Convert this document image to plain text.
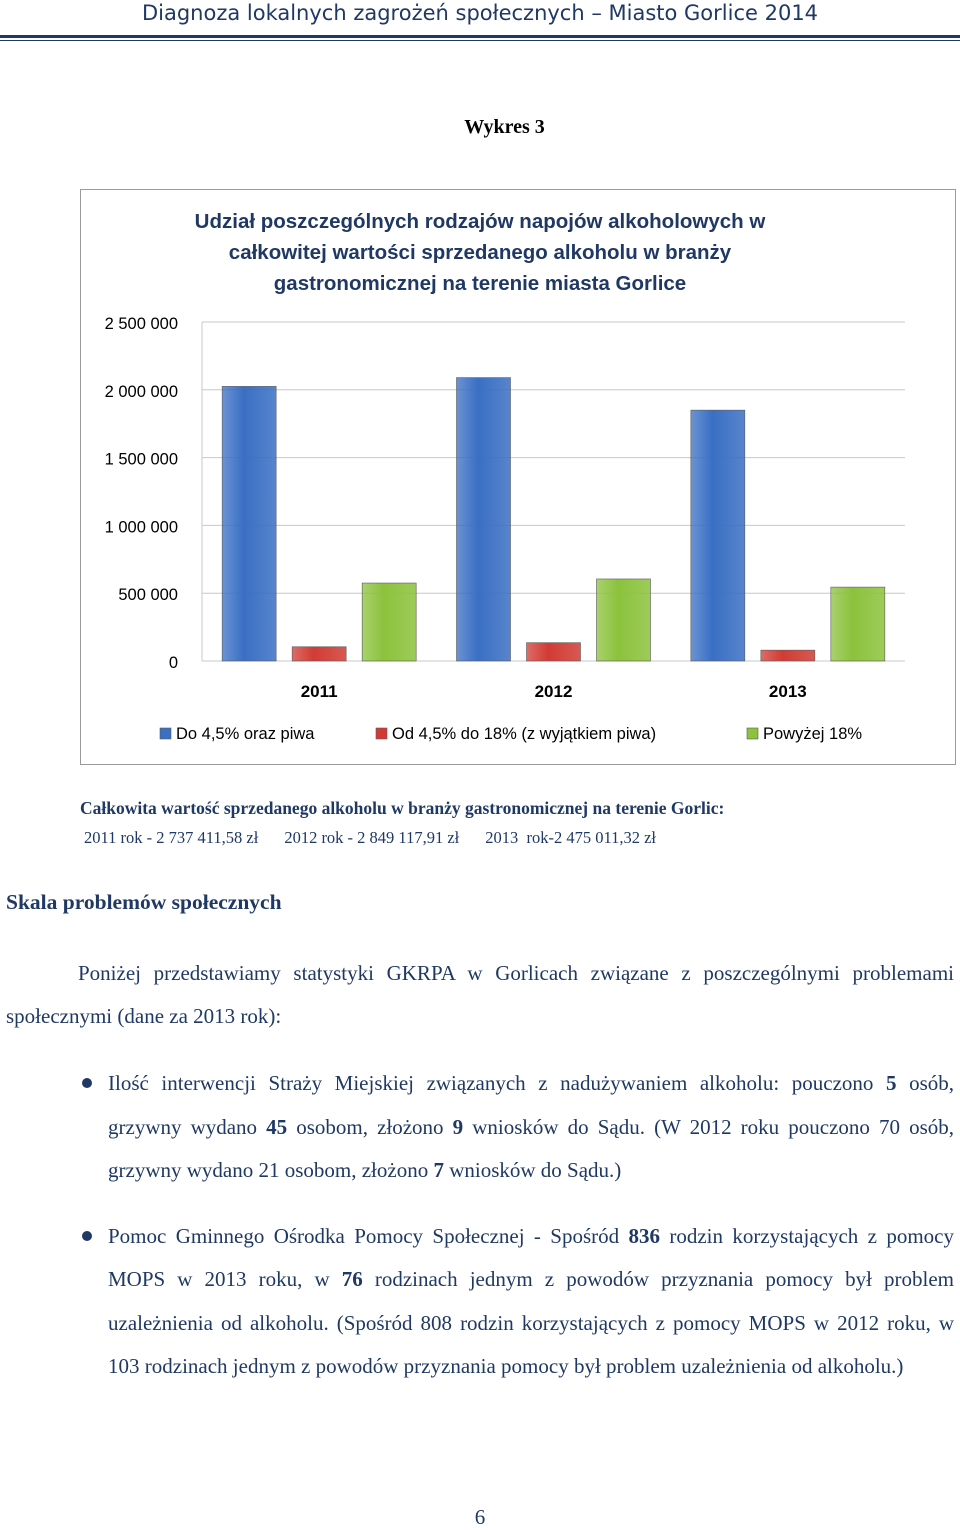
Diagnoza lokalnych zagrożeń społecznych – Miasto Gorlice 2014
Wykres 3
Udział poszczególnych rodzajów napojów alkoholowych w całkowitej wartości sprzedanego alkoholu w branży gastronomicznej na terenie miasta Gorlice
0
500 000
1 000 000
1 500 000
2 000 000
2 500 000
2011	2012	2013
Do 4,5% oraz piwa	Od 4,5% do 18% (z wyjątkiem piwa)	Powyżej 18%
Całkowita wartość sprzedanego alkoholu w branży gastronomicznej na terenie Gorlic:
2011 rok - 2 737 411,58 zł 2012 rok - 2 849 117,91 zł 2013  rok-2 475 011,32 zł
Skala problemów społecznych
Poniżej przedstawiamy statystyki GKRPA w Gorlicach związane z poszczególnymi problemami społecznymi (dane za 2013 rok):
Ilość interwencji Straży Miejskiej związanych z nadużywaniem alkoholu: pouczono 5 osób, grzywny wydano 45 osobom, złożono 9 wniosków do Sądu. (W 2012 roku pouczono 70 osób, grzywny wydano 21 osobom, złożono 7 wniosków do Sądu.)
Pomoc Gminnego Ośrodka Pomocy Społecznej - Spośród 836 rodzin korzystających z pomocy MOPS w 2013 roku, w 76 rodzinach jednym z powodów przyznania pomocy był problem uzależnienia od alkoholu. (Spośród 808 rodzin korzystających z pomocy MOPS w 2012 roku, w 103 rodzinach jednym z powodów przyznania pomocy był problem uzależnienia od alkoholu.)
6
